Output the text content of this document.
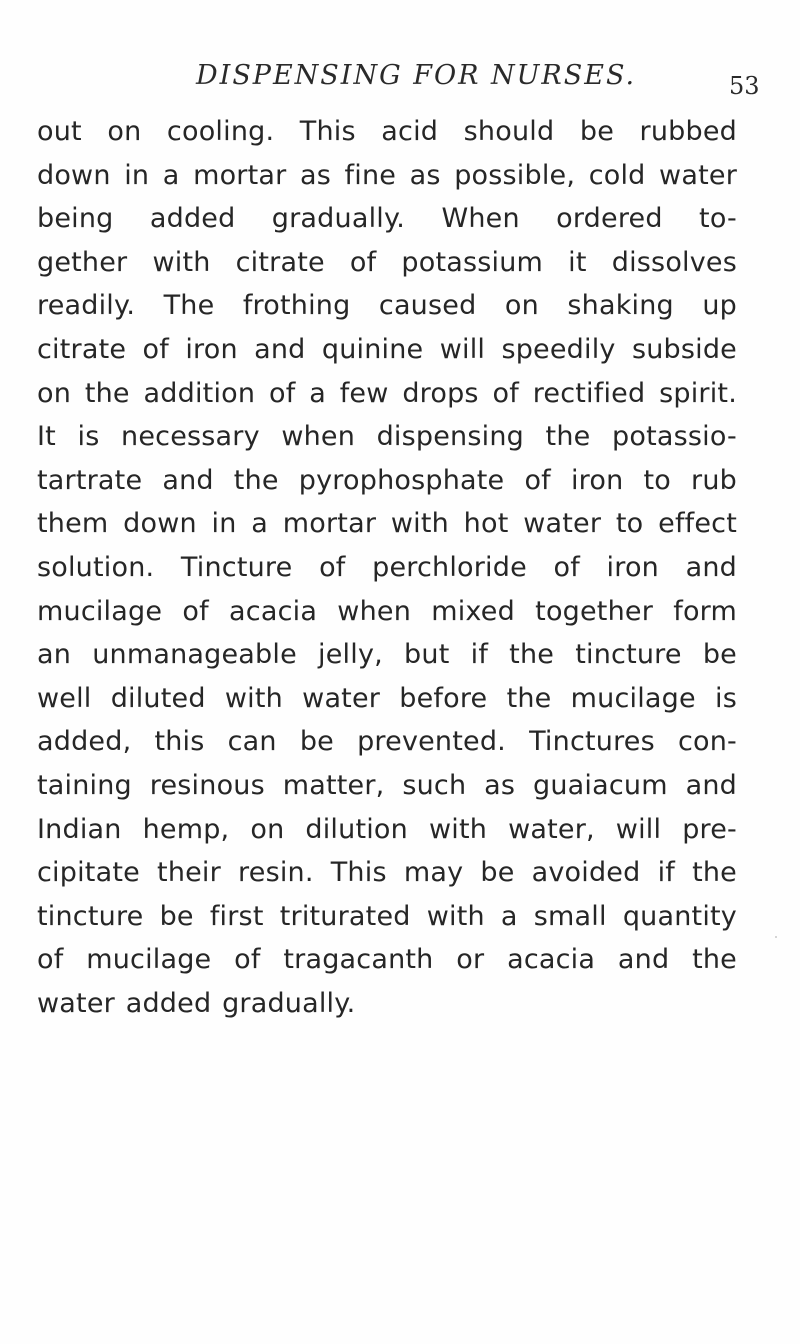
DISPENSING FOR NURSES.	53
out on cooling. This acid should be rubbed
down in a mortar as fine as possible, cold water
being added gradually. When ordered to-
gether with citrate of potassium it dissolves
readily. The frothing caused on shaking up
citrate of iron and quinine will speedily subside
on the addition of a few drops of rectified spirit.
It is necessary when dispensing the potassio-
tartrate and the pyrophosphate of iron to rub
them down in a mortar with hot water to effect
solution. Tincture of perchloride of iron and
mucilage of acacia when mixed together form
an unmanageable jelly, but if the tincture be
well diluted with water before the mucilage is
added, this can be prevented. Tinctures con-
taining resinous matter, such as guaiacum and
Indian hemp, on dilution with water, will pre-
cipitate their resin. This may be avoided if the
tincture be first triturated with a small quantity
of mucilage of tragacanth or acacia and the
water added gradually.
